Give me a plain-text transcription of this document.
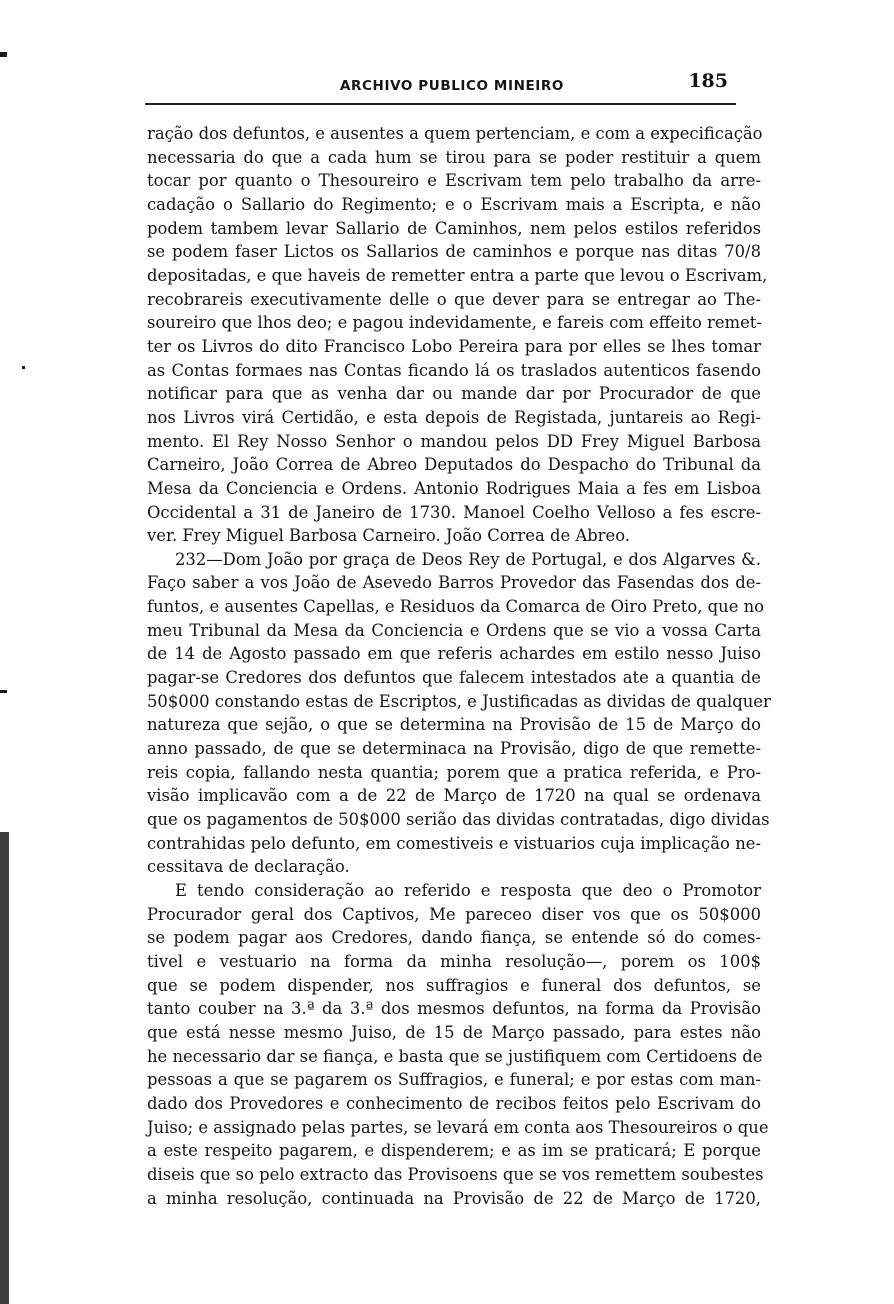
ARCHIVO PUBLICO MINEIRO	185
ração dos defuntos, e ausentes a quem pertenciam, e com a expecificação
necessaria do que a cada hum se tirou para se poder restituir a quem
tocar por quanto o Thesoureiro e Escrivam tem pelo trabalho da arre-
cadação o Sallario do Regimento; e o Escrivam mais a Escripta, e não
podem tambem levar Sallario de Caminhos, nem pelos estilos referidos
se podem faser Lictos os Sallarios de caminhos e porque nas ditas 70/8
depositadas, e que haveis de remetter entra a parte que levou o Escrivam,
recobrareis executivamente delle o que dever para se entregar ao The-
soureiro que lhos deo; e pagou indevidamente, e fareis com effeito remet-
ter os Livros do dito Francisco Lobo Pereira para por elles se lhes tomar
as Contas formaes nas Contas ficando lá os traslados autenticos fasendo
notificar para que as venha dar ou mande dar por Procurador de que
nos Livros virá Certidão, e esta depois de Registada, juntareis ao Regi-
mento. El Rey Nosso Senhor o mandou pelos DD Frey Miguel Barbosa
Carneiro, João Correa de Abreo Deputados do Despacho do Tribunal da
Mesa da Conciencia e Ordens. Antonio Rodrigues Maia a fes em Lisboa
Occidental a 31 de Janeiro de 1730. Manoel Coelho Velloso a fes escre-
ver. Frey Miguel Barbosa Carneiro. João Correa de Abreo.
232—Dom João por graça de Deos Rey de Portugal, e dos Algarves &.
Faço saber a vos João de Asevedo Barros Provedor das Fasendas dos de-
funtos, e ausentes Capellas, e Residuos da Comarca de Oiro Preto, que no
meu Tribunal da Mesa da Conciencia e Ordens que se vio a vossa Carta
de 14 de Agosto passado em que referis achardes em estilo nesso Juiso
pagar-se Credores dos defuntos que falecem intestados ate a quantia de
50$000 constando estas de Escriptos, e Justificadas as dividas de qualquer
natureza que sejão, o que se determina na Provisão de 15 de Março do
anno passado, de que se determinaca na Provisão, digo de que remette-
reis copia, fallando nesta quantia; porem que a pratica referida, e Pro-
visão implicavão com a de 22 de Março de 1720 na qual se ordenava
que os pagamentos de 50$000 serião das dividas contratadas, digo dividas
contrahidas pelo defunto, em comestiveis e vistuarios cuja implicação ne-
cessitava de declaração.
E tendo consideração ao referido e resposta que deo o Promotor
Procurador geral dos Captivos, Me pareceo diser vos que os 50$000
se podem pagar aos Credores, dando fiança, se entende só do comes-
tivel e vestuario na forma da minha resolução—, porem os 100$
que se podem dispender, nos suffragios e funeral dos defuntos, se
tanto couber na 3.ª da 3.ª dos mesmos defuntos, na forma da Provisão
que está nesse mesmo Juiso, de 15 de Março passado, para estes não
he necessario dar se fiança, e basta que se justifiquem com Certidoens de
pessoas a que se pagarem os Suffragios, e funeral; e por estas com man-
dado dos Provedores e conhecimento de recibos feitos pelo Escrivam do
Juiso; e assignado pelas partes, se levará em conta aos Thesoureiros o que
a este respeito pagarem, e dispenderem; e as im se praticará; E porque
diseis que so pelo extracto das Provisoens que se vos remettem soubestes
a minha resolução, continuada na Provisão de 22 de Março de 1720,
